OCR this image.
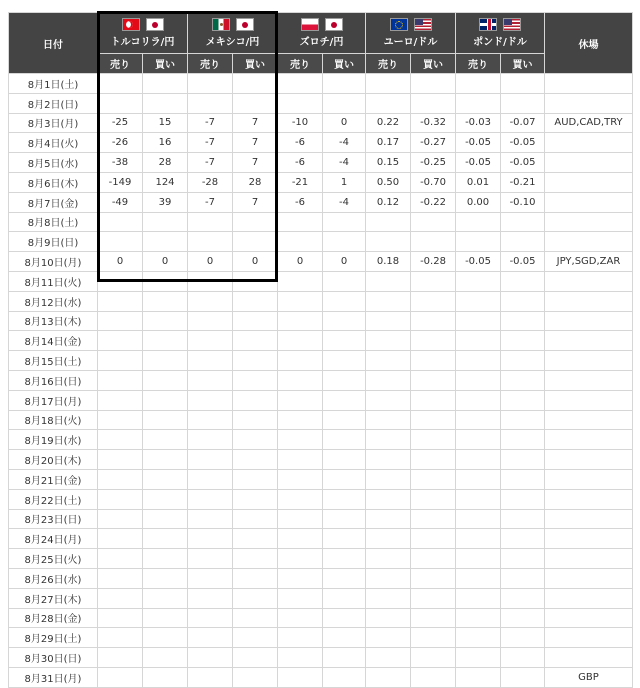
日付	トルコリラ/円		メキシコ/円		ズロチ/円		ユーロ/ドル		ポンド/ドル		休場
	売り	買い	売り	買い	売り	買い	売り	買い	売り	買い	
8月1日(土)											
8月2日(日)											
8月3日(月)	-25	15	-7	7	-10	0	0.22	-0.32	-0.03	-0.07	AUD,CAD,TRY
8月4日(火)	-26	16	-7	7	-6	-4	0.17	-0.27	-0.05	-0.05	
8月5日(水)	-38	28	-7	7	-6	-4	0.15	-0.25	-0.05	-0.05	
8月6日(木)	-149	124	-28	28	-21	1	0.50	-0.70	0.01	-0.21	
8月7日(金)	-49	39	-7	7	-6	-4	0.12	-0.22	0.00	-0.10	
8月8日(土)											
8月9日(日)											
8月10日(月)	0	0	0	0	0	0	0.18	-0.28	-0.05	-0.05	JPY,SGD,ZAR
8月11日(火)											
8月12日(水)											
8月13日(木)											
8月14日(金)											
8月15日(土)											
8月16日(日)											
8月17日(月)											
8月18日(火)											
8月19日(水)											
8月20日(木)											
8月21日(金)											
8月22日(土)											
8月23日(日)											
8月24日(月)											
8月25日(火)											
8月26日(水)											
8月27日(木)											
8月28日(金)											
8月29日(土)											
8月30日(日)											
8月31日(月)											GBP
